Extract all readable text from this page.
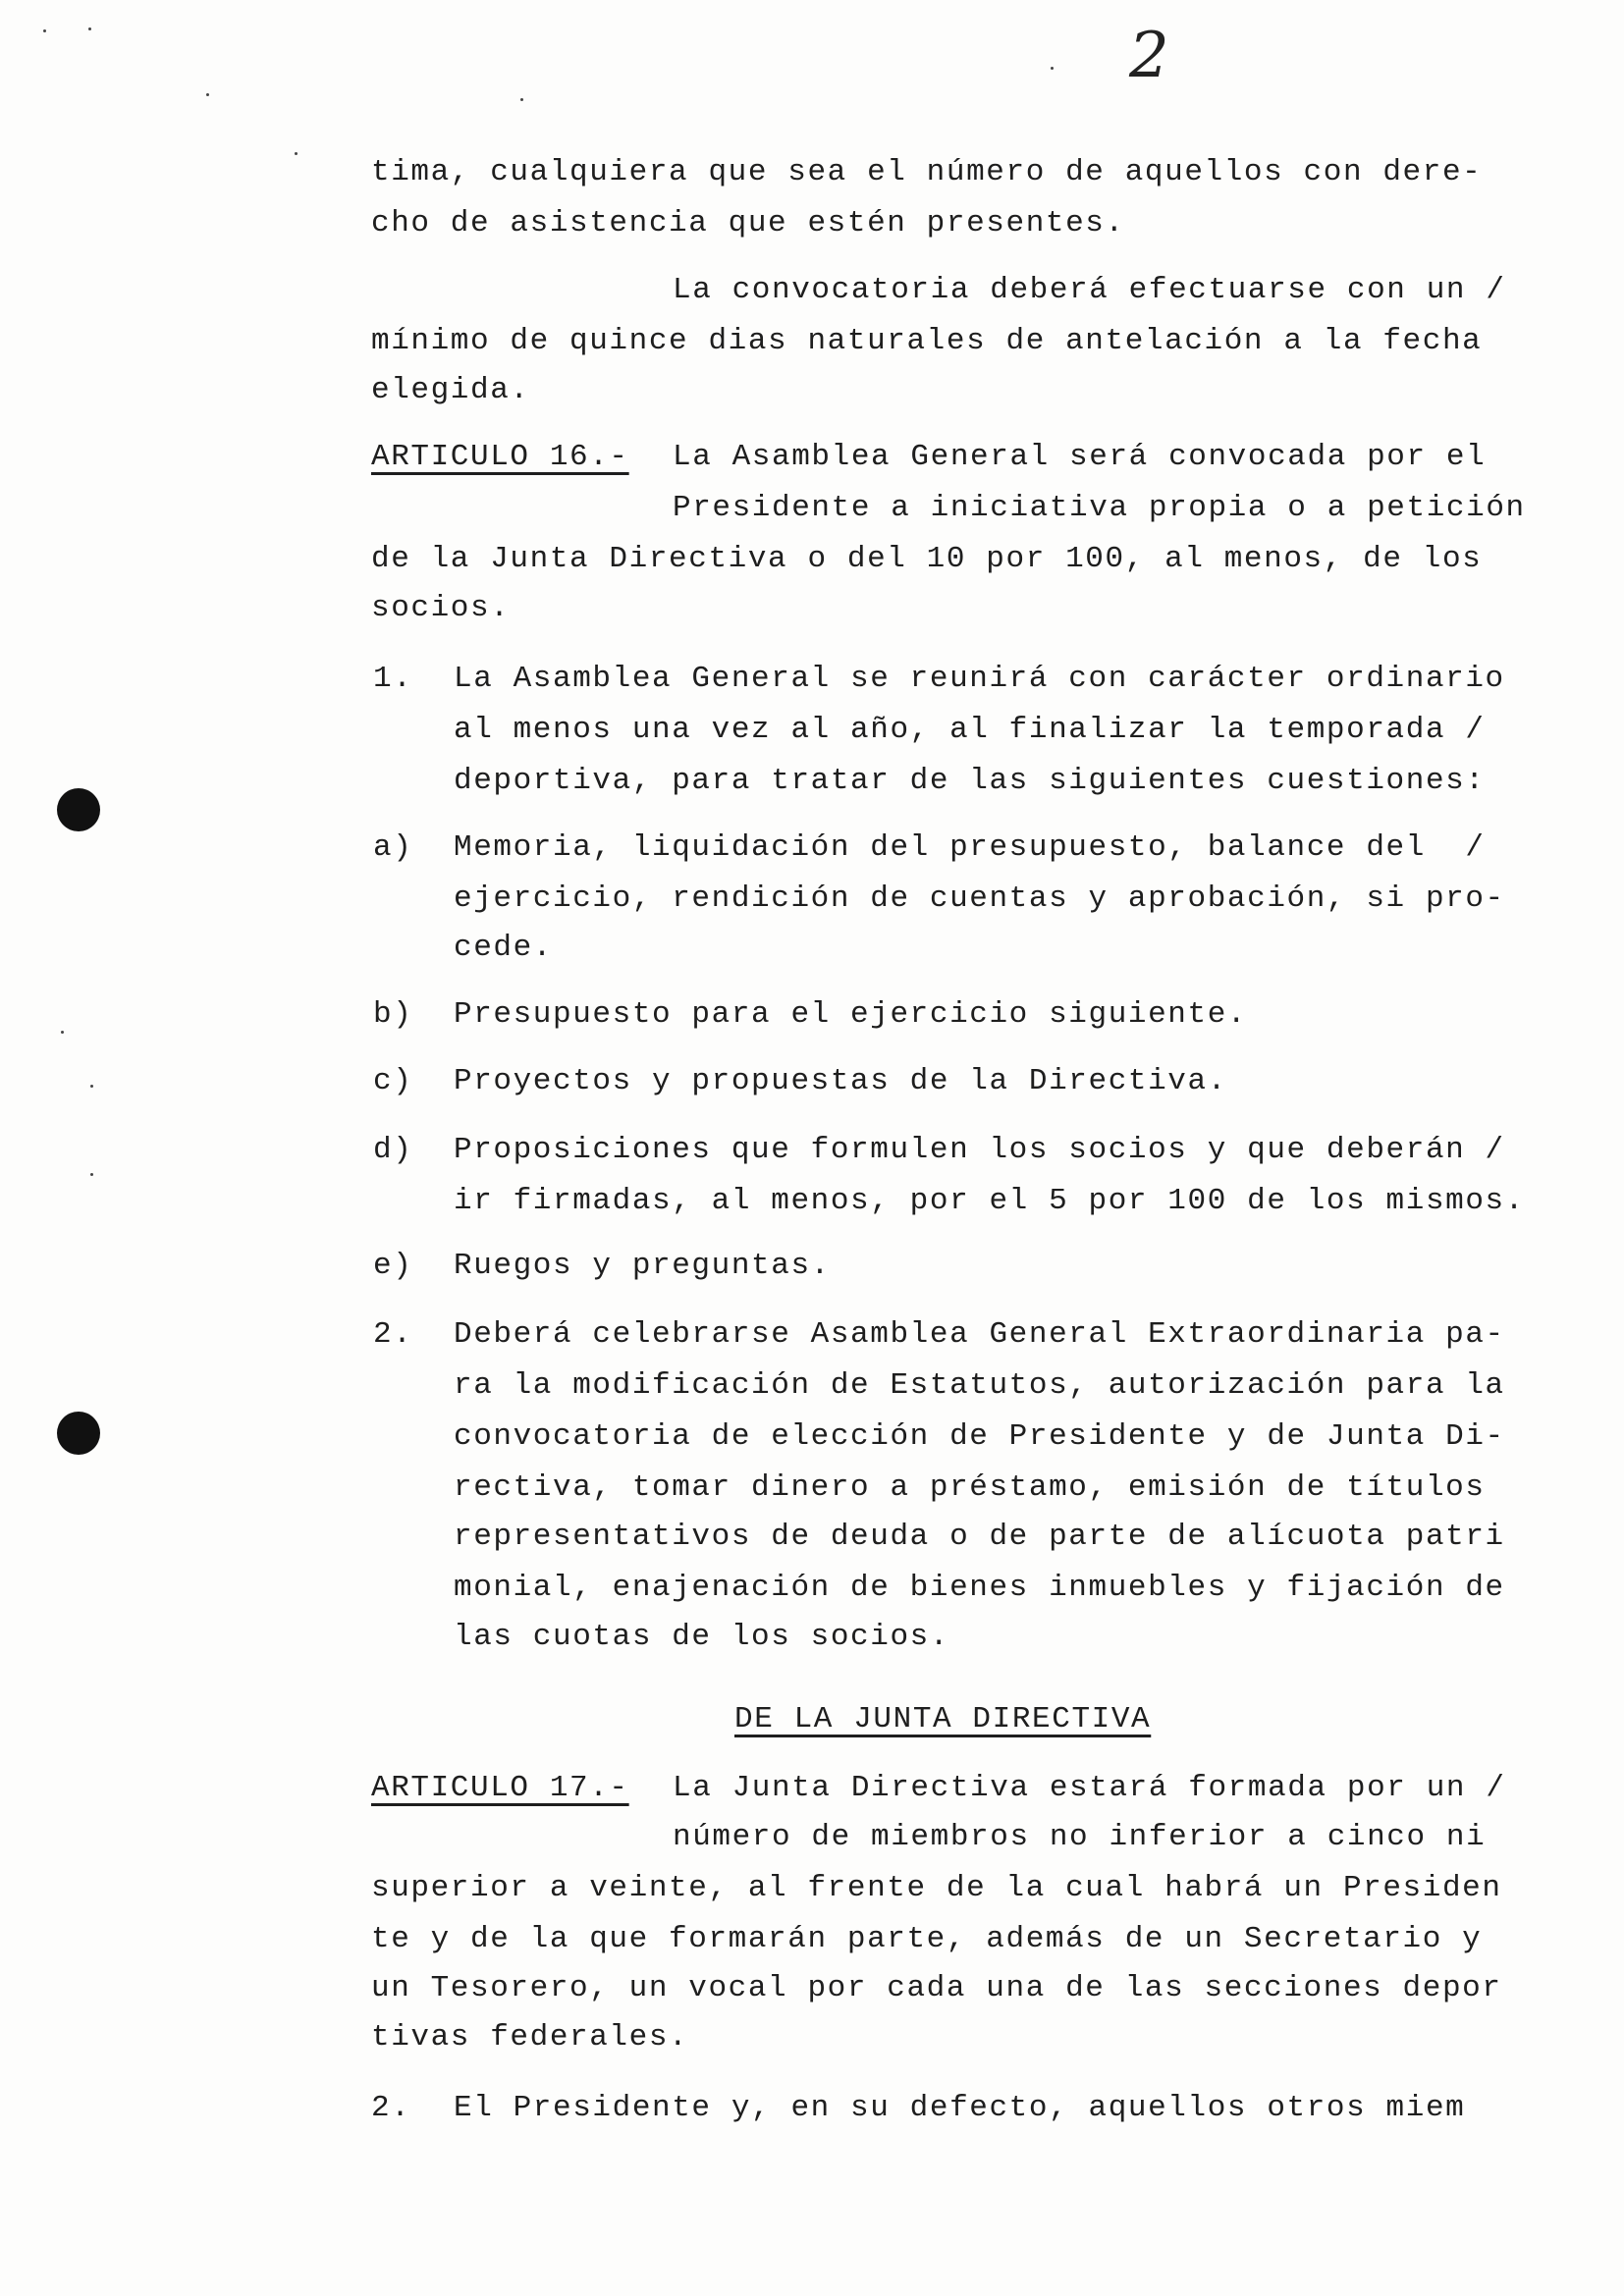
2
tima, cualquiera que sea el número de aquellos con dere-
cho de asistencia que estén presentes.
La convocatoria deberá efectuarse con un /
mínimo de quince dias naturales de antelación a la fecha
elegida.
ARTICULO 16.- La Asamblea General será convocada por el
Presidente a iniciativa propia o a petición
de la Junta Directiva o del 10 por 100, al menos, de los
socios.
1. La Asamblea General se reunirá con carácter ordinario
al menos una vez al año, al finalizar la temporada /
deportiva, para tratar de las siguientes cuestiones:
a) Memoria, liquidación del presupuesto, balance del  /
ejercicio, rendición de cuentas y aprobación, si pro-
cede.
b) Presupuesto para el ejercicio siguiente.
c) Proyectos y propuestas de la Directiva.
d) Proposiciones que formulen los socios y que deberán /
ir firmadas, al menos, por el 5 por 100 de los mismos.
e) Ruegos y preguntas.
2. Deberá celebrarse Asamblea General Extraordinaria pa-
ra la modificación de Estatutos, autorización para la
convocatoria de elección de Presidente y de Junta Di-
rectiva, tomar dinero a préstamo, emisión de títulos
representativos de deuda o de parte de alícuota patri
monial, enajenación de bienes inmuebles y fijación de
las cuotas de los socios.
DE LA JUNTA DIRECTIVA
ARTICULO 17.- La Junta Directiva estará formada por un /
número de miembros no inferior a cinco ni
superior a veinte, al frente de la cual habrá un Presiden
te y de la que formarán parte, además de un Secretario y
un Tesorero, un vocal por cada una de las secciones depor
tivas federales.
2. El Presidente y, en su defecto, aquellos otros miem
